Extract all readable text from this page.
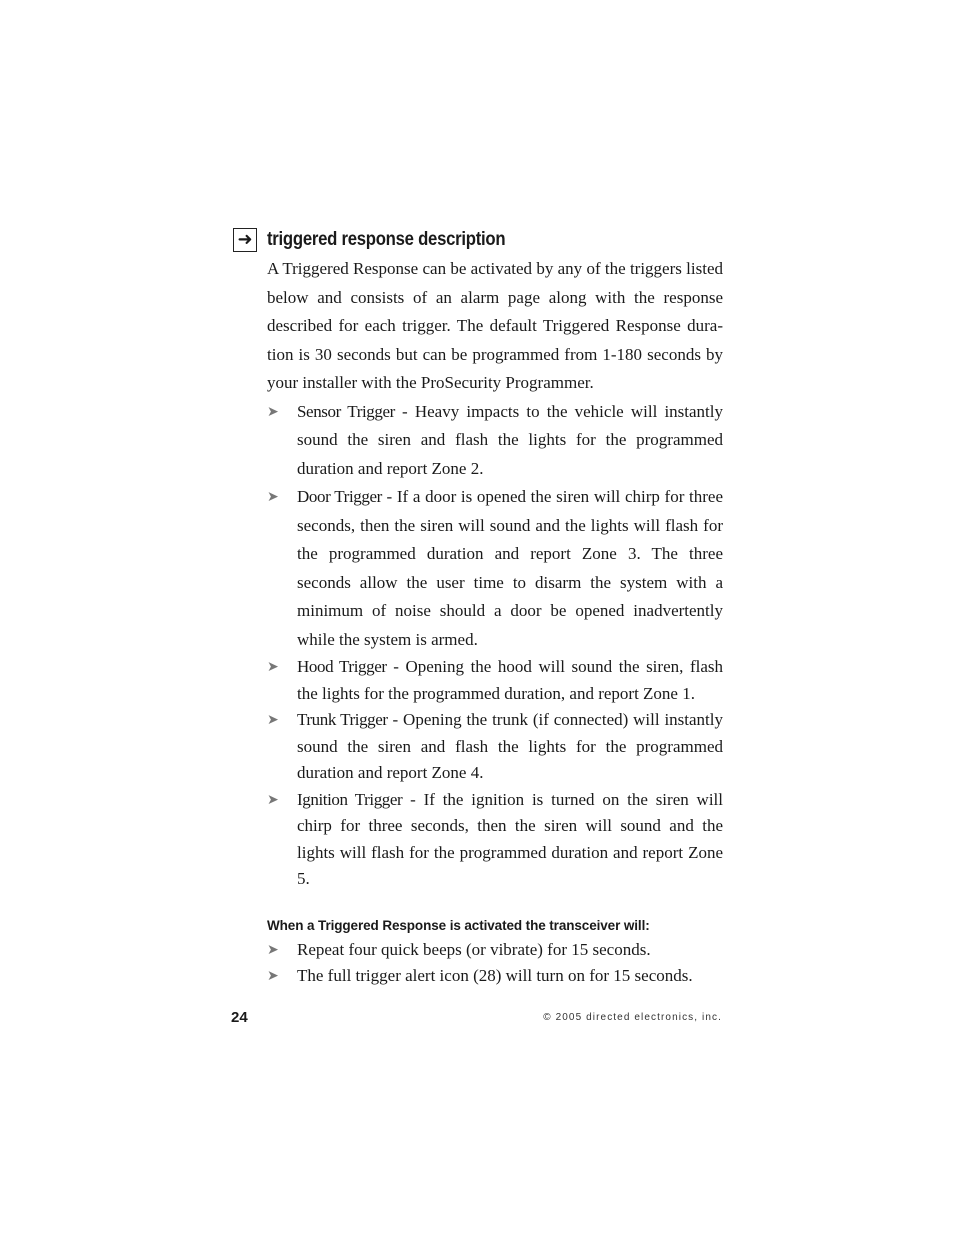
➜ triggered response description

A Triggered Response can be activated by any of the triggers listed below and consists of an alarm page along with the response described for each trigger. The default Triggered Response duration is 30 seconds but can be programmed from 1-180 seconds by your installer with the ProSecurity Programmer.

➤ Sensor Trigger - Heavy impacts to the vehicle will instantly sound the siren and flash the lights for the programmed duration and report Zone 2.
➤ Door Trigger - If a door is opened the siren will chirp for three seconds, then the siren will sound and the lights will flash for the programmed duration and report Zone 3. The three seconds allow the user time to disarm the system with a minimum of noise should a door be opened inadvertently while the system is armed.
➤ Hood Trigger - Opening the hood will sound the siren, flash the lights for the programmed duration, and report Zone 1.
➤ Trunk Trigger - Opening the trunk (if connected) will instantly sound the siren and flash the lights for the programmed duration and report Zone 4.
➤ Ignition Trigger - If the ignition is turned on the siren will chirp for three seconds, then the siren will sound and the lights will flash for the programmed duration and report Zone 5.
When a Triggered Response is activated the transceiver will:
➤ Repeat four quick beeps (or vibrate) for 15 seconds.
➤ The full trigger alert icon (28) will turn on for 15 seconds.
24	© 2005 directed electronics, inc.
